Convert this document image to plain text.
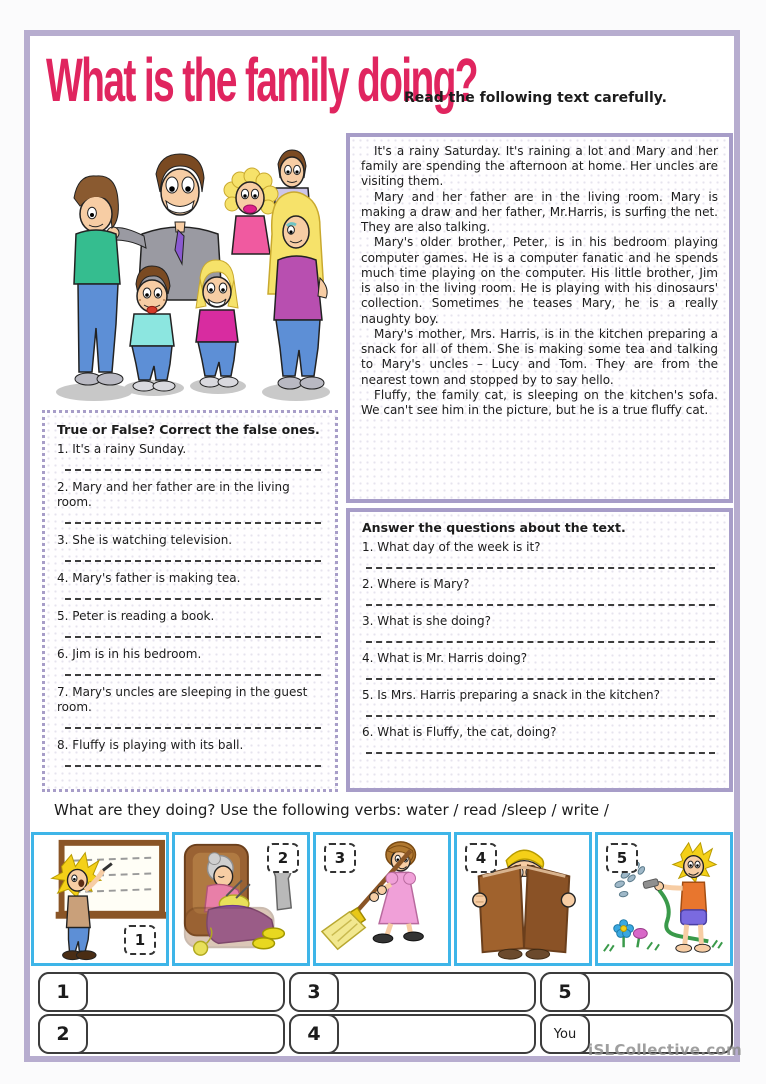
What is the family doing?
Read the following text carefully.

It's a rainy Saturday. It's raining a lot and Mary and her family are spending the afternoon at home. Her uncles are visiting them.

Mary and her father are in the living room. Mary is making a draw and her father, Mr.Harris, is surfing the net. They are also talking.

Mary's older brother, Peter, is in his bedroom playing computer games. He is a computer fanatic and he spends much time playing on the computer. His little brother, Jim is also in the living room. He is playing with his dinosaurs' collection. Sometimes he teases Mary, he is a really naughty boy.

Mary's mother, Mrs. Harris, is in the kitchen preparing a snack for all of them. She is making some tea and talking to Mary's uncles – Lucy and Tom. They are from the nearest town and stopped by to say hello.

Fluffy, the family cat, is sleeping on the kitchen's sofa. We can't see him in the picture, but he is a true fluffy cat.

True or False? Correct the false ones.

1. It's a rainy Sunday.

2. Mary and her father are in the living room.

3. She is watching television.

4. Mary's father is making tea.

5. Peter is reading a book.

6. Jim is in his bedroom.

7. Mary's uncles are sleeping in the guest room.

8. Fluffy is playing with its ball.

Answer the questions about the text.

1. What day of the week is it?

2. Where is Mary?

3. What is she doing?

4. What is Mr. Harris doing?

5. Is Mrs. Harris preparing a snack in the kitchen?

6. What is Fluffy, the cat, doing?

What are they doing? Use the following verbs: water / read /sleep / write /
1
2	3	4	5
1	3	5
2	4	You
iSLCollective.com
